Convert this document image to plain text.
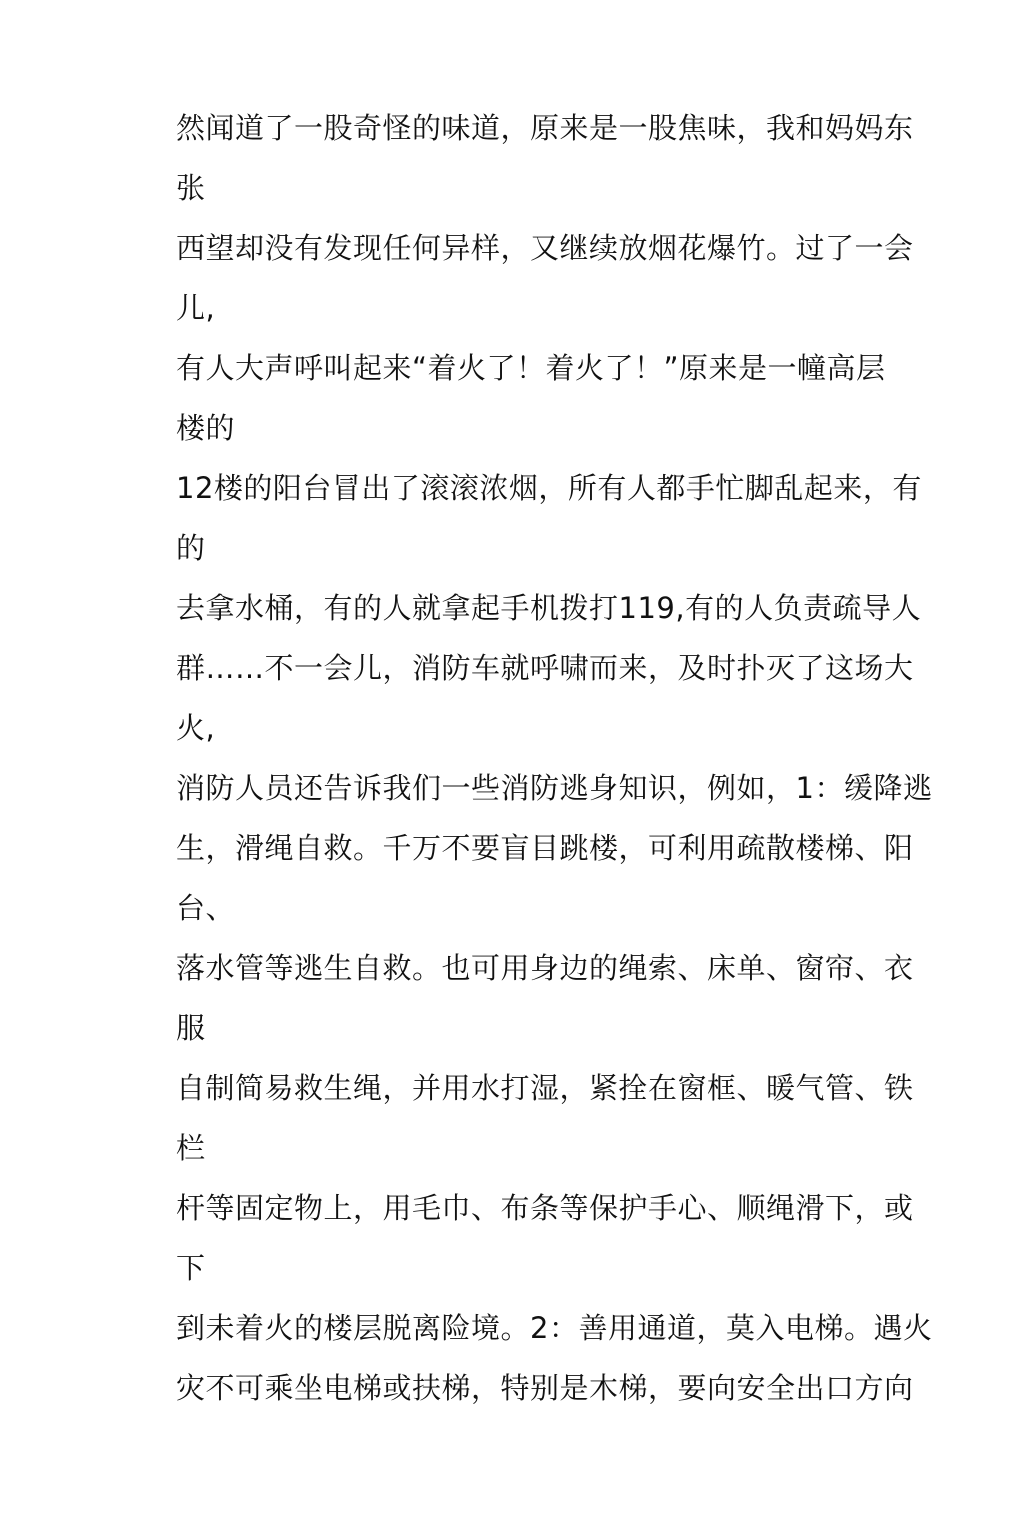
然闻道了一股奇怪的味道，原来是一股焦味，我和妈妈东
张
西望却没有发现任何异样，又继续放烟花爆竹。过了一会
儿,
有人大声呼叫起来“着火了！着火了！”原来是一幢高层
楼的
12楼的阳台冒出了滚滚浓烟，所有人都手忙脚乱起来，有
的
去拿水桶，有的人就拿起手机拨打119,有的人负责疏导人
群……不一会儿，消防车就呼啸而来，及时扑灭了这场大
火,
消防人员还告诉我们一些消防逃身知识，例如，1：缓降逃
生，滑绳自救。千万不要盲目跳楼，可利用疏散楼梯、阳
台、
落水管等逃生自救。也可用身边的绳索、床单、窗帘、衣
服
自制简易救生绳，并用水打湿，紧拴在窗框、暖气管、铁
栏
杆等固定物上，用毛巾、布条等保护手心、顺绳滑下，或
下
到未着火的楼层脱离险境。2：善用通道，莫入电梯。遇火
灾不可乘坐电梯或扶梯，特别是木梯，要向安全出口方向
